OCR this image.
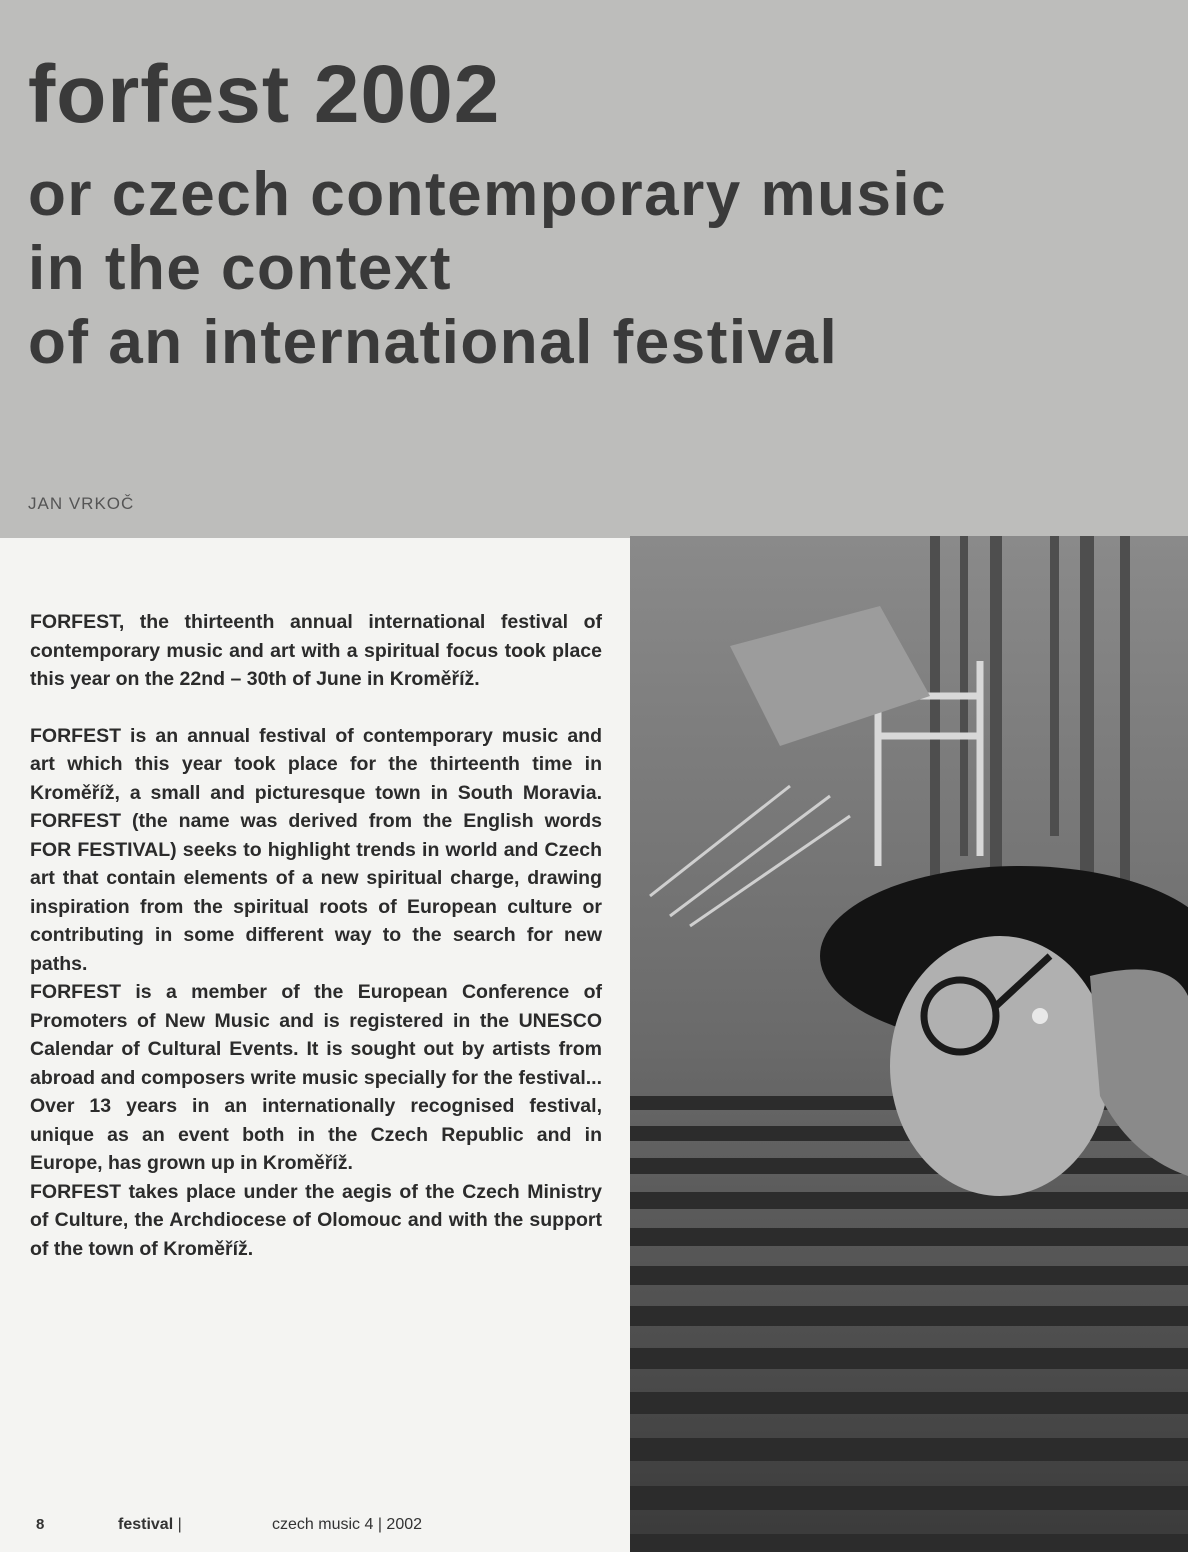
forfest 2002
or czech contemporary music
in the context
of an international festival
JAN VRKOČ

FORFEST, the thirteenth annual international festival of contemporary music and art with a spiritual focus took place this year on the 22nd – 30th of June in Kroměříž.

FORFEST is an annual festival of contemporary music and art which this year took place for the thirteenth time in Kroměříž, a small and picturesque town in South Moravia. FORFEST (the name was derived from the English words FOR FESTIVAL) seeks to highlight trends in world and Czech art that contain elements of a new spiritual charge, drawing inspiration from the spiritual roots of European culture or contributing in some different way to the search for new paths.

FORFEST is a member of the European Conference of Promoters of New Music and is registered in the UNESCO Calendar of Cultural Events. It is sought out by artists from abroad and composers write music specially for the festival... Over 13 years in an internationally recognised festival, unique as an event both in the Czech Republic and in Europe, has grown up in Kroměříž.

FORFEST takes place under the aegis of the Czech Ministry of Culture, the Archdiocese of Olomouc and with the support of the town of Kroměříž.

8	festival |	czech music 4 | 2002
